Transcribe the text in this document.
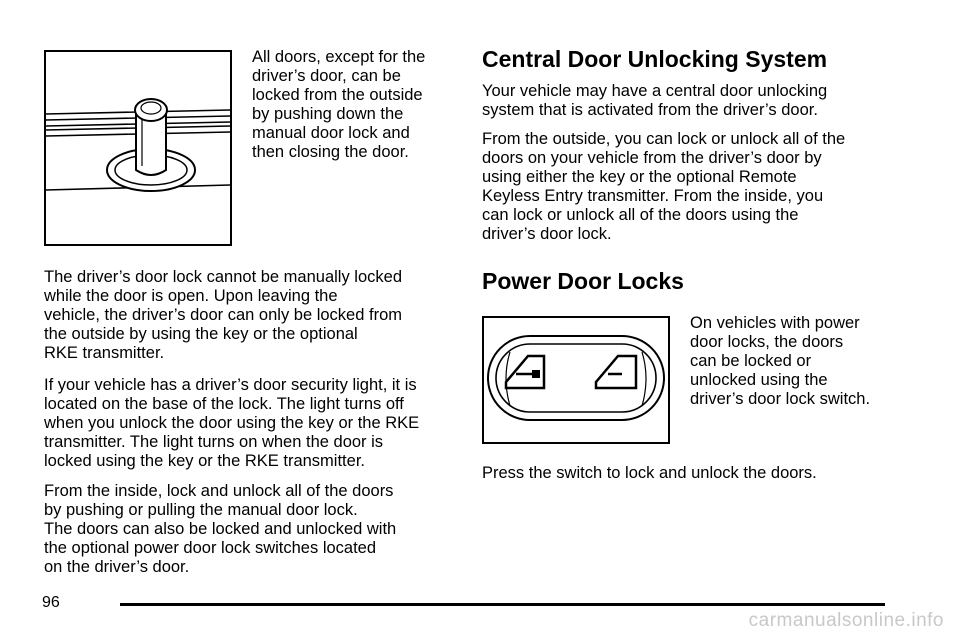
All doors, except for the
driver’s door, can be
locked from the outside
by pushing down the
manual door lock and
then closing the door.

The driver’s door lock cannot be manually locked
while the door is open. Upon leaving the
vehicle, the driver’s door can only be locked from
the outside by using the key or the optional
RKE transmitter.

If your vehicle has a driver’s door security light, it is
located on the base of the lock. The light turns off
when you unlock the door using the key or the RKE
transmitter. The light turns on when the door is
locked using the key or the RKE transmitter.

From the inside, lock and unlock all of the doors
by pushing or pulling the manual door lock.
The doors can also be locked and unlocked with
the optional power door lock switches located
on the driver’s door.

Central Door Unlocking System

Your vehicle may have a central door unlocking
system that is activated from the driver’s door.

From the outside, you can lock or unlock all of the
doors on your vehicle from the driver’s door by
using either the key or the optional Remote
Keyless Entry transmitter. From the inside, you
can lock or unlock all of the doors using the
driver’s door lock.

Power Door Locks

On vehicles with power
door locks, the doors
can be locked or
unlocked using the
driver’s door lock switch.

Press the switch to lock and unlock the doors.

96
carmanualsonline.info
